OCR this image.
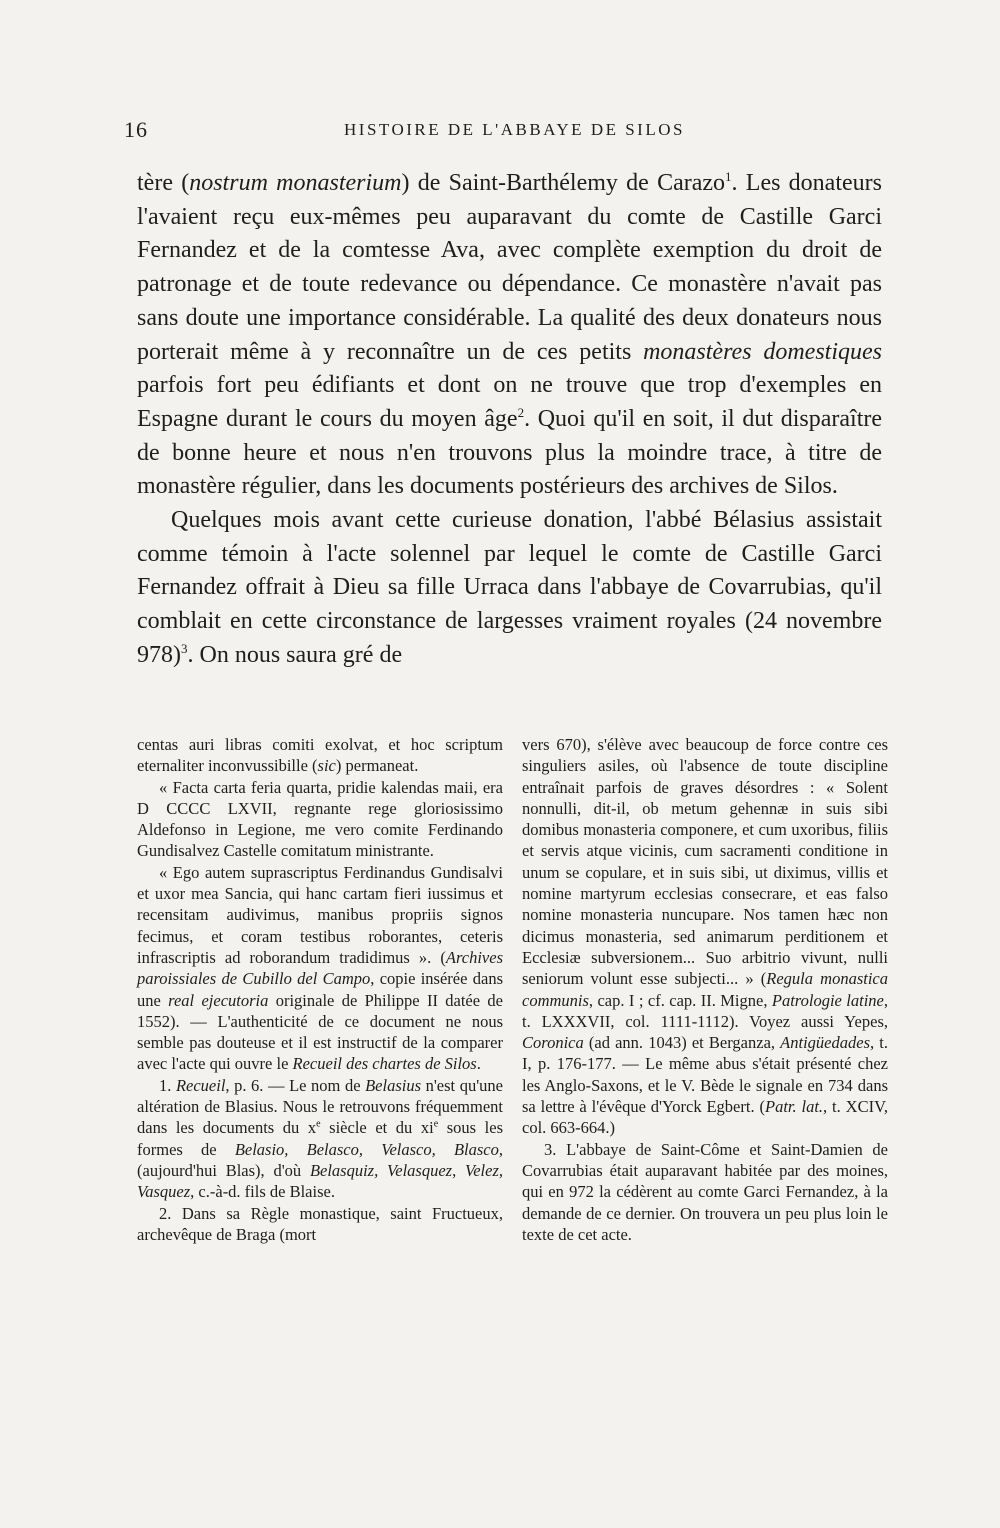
16	HISTOIRE DE L'ABBAYE DE SILOS

tère (nostrum monasterium) de Saint-Barthélemy de Carazo$^1$. Les donateurs l'avaient reçu eux-mêmes peu auparavant du comte de Castille Garci Fernandez et de la comtesse Ava, avec complète exemption du droit de patronage et de toute redevance ou dépendance. Ce monastère n'avait pas sans doute une importance considérable. La qualité des deux donateurs nous porterait même à y reconnaître un de ces petits monastères domestiques parfois fort peu édifiants et dont on ne trouve que trop d'exemples en Espagne durant le cours du moyen âge$^2$. Quoi qu'il en soit, il dut disparaître de bonne heure et nous n'en trouvons plus la moindre trace, à titre de monastère régulier, dans les documents postérieurs des archives de Silos.

Quelques mois avant cette curieuse donation, l'abbé Bélasius assistait comme témoin à l'acte solennel par lequel le comte de Castille Garci Fernandez offrait à Dieu sa fille Urraca dans l'abbaye de Covarrubias, qu'il comblait en cette circonstance de largesses vraiment royales (24 novembre 978)$^3$. On nous saura gré de

centas auri libras comiti exolvat, et hoc scriptum eternaliter inconvussibille (sic) permaneat.

« Facta carta feria quarta, pridie kalendas maii, era D CCCC LXVII, regnante rege gloriosissimo Aldefonso in Legione, me vero comite Ferdinando Gundisalvez Castelle comitatum ministrante.

« Ego autem suprascriptus Ferdinandus Gundisalvi et uxor mea Sancia, qui hanc cartam fieri iussimus et recensitam audivimus, manibus propriis signos fecimus, et coram testibus roborantes, ceteris infrascriptis ad roborandum tradidimus ». (Archives paroissiales de Cubillo del Campo, copie insérée dans une real ejecutoria originale de Philippe II datée de 1552). — L'authenticité de ce document ne nous semble pas douteuse et il est instructif de la comparer avec l'acte qui ouvre le Recueil des chartes de Silos.

1. Recueil, p. 6. — Le nom de Belasius n'est qu'une altération de Blasius. Nous le retrouvons fréquemment dans les documents du $x^e$ siècle et du $xi^e$ sous les formes de Belasio, Belasco, Velasco, Blasco, (aujourd'hui Blas), d'où Belasquiz, Velasquez, Velez, Vasquez, c.-à-d. fils de Blaise.

2. Dans sa Règle monastique, saint Fructueux, archevêque de Braga (mort

vers 670), s'élève avec beaucoup de force contre ces singuliers asiles, où l'absence de toute discipline entraînait parfois de graves désordres : « Solent nonnulli, dit-il, ob metum gehennæ in suis sibi domibus monasteria componere, et cum uxoribus, filiis et servis atque vicinis, cum sacramenti conditione in unum se copulare, et in suis sibi, ut diximus, villis et nomine martyrum ecclesias consecrare, et eas falso nomine monasteria nuncupare. Nos tamen hæc non dicimus monasteria, sed animarum perditionem et Ecclesiæ subversionem... Suo arbitrio vivunt, nulli seniorum volunt esse subjecti... » (Regula monastica communis, cap. I ; cf. cap. II. Migne, Patrologie latine, t. LXXXVII, col. 1111-1112). Voyez aussi Yepes, Coronica (ad ann. 1043) et Berganza, Antigüedades, t. I, p. 176-177. — Le même abus s'était présenté chez les Anglo-Saxons, et le V. Bède le signale en 734 dans sa lettre à l'évêque d'Yorck Egbert. (Patr. lat., t. XCIV, col. 663-664.)

3. L'abbaye de Saint-Côme et Saint-Damien de Covarrubias était auparavant habitée par des moines, qui en 972 la cédèrent au comte Garci Fernandez, à la demande de ce dernier. On trouvera un peu plus loin le texte de cet acte.
